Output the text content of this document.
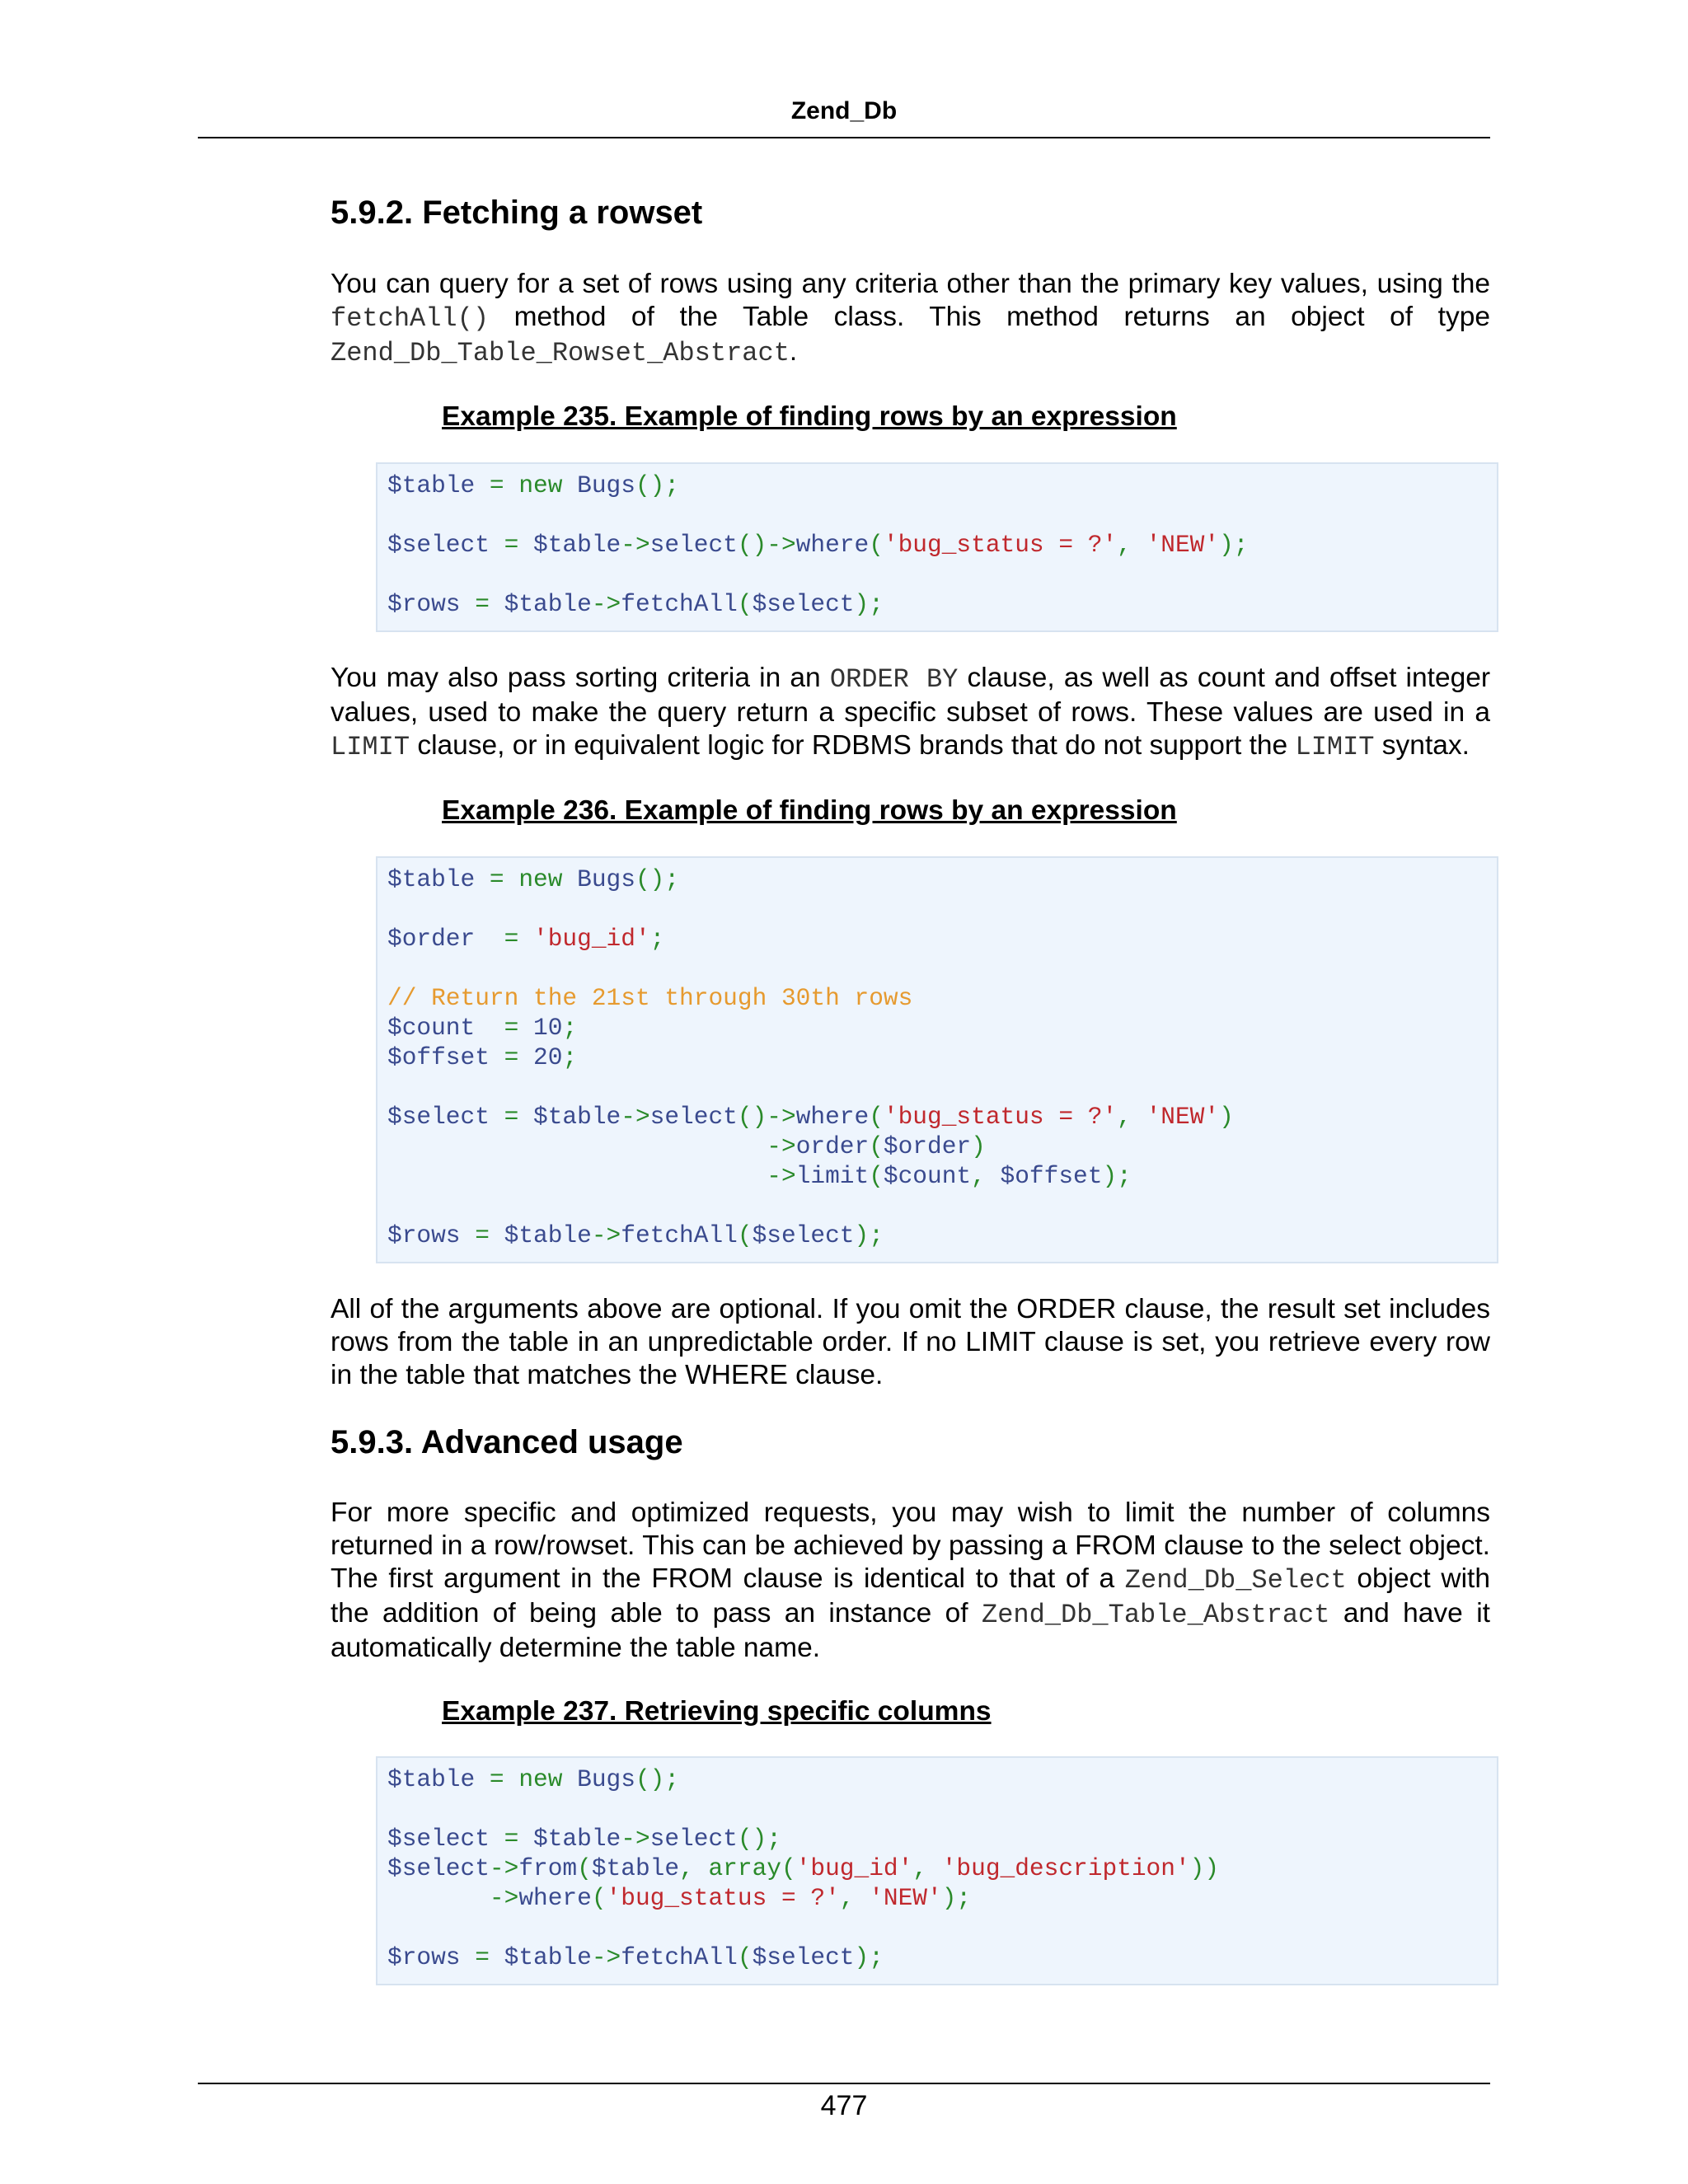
Zend_Db
5.9.2. Fetching a rowset

You can query for a set of rows using any criteria other than the primary key values, using the fetchAll() method of the Table class. This method returns an object of type Zend_Db_Table_Rowset_Abstract.

Example 235. Example of finding rows by an expression

$table = new Bugs();
$select = $table->select()->where('bug_status = ?', 'NEW');
$rows = $table->fetchAll($select);

You may also pass sorting criteria in an ORDER BY clause, as well as count and offset integer values, used to make the query return a specific subset of rows. These values are used in a LIMIT clause, or in equivalent logic for RDBMS brands that do not support the LIMIT syntax.

Example 236. Example of finding rows by an expression

$table = new Bugs();
$order  = 'bug_id';
// Return the 21st through 30th rows
$count  = 10;
$offset = 20;
$select = $table->select()->where('bug_status = ?', 'NEW')
->order($order)
->limit($count, $offset);
$rows = $table->fetchAll($select);

All of the arguments above are optional. If you omit the ORDER clause, the result set includes rows from the table in an unpredictable order. If no LIMIT clause is set, you retrieve every row in the table that matches the WHERE clause.

5.9.3. Advanced usage

For more specific and optimized requests, you may wish to limit the number of columns returned in a row/rowset. This can be achieved by passing a FROM clause to the select object. The first argument in the FROM clause is identical to that of a Zend_Db_Select object with the addition of being able to pass an instance of Zend_Db_Table_Abstract and have it automatically determine the table name.

Example 237. Retrieving specific columns

$table = new Bugs();
$select = $table->select();
$select->from($table, array('bug_id', 'bug_description'))
->where('bug_status = ?', 'NEW');
$rows = $table->fetchAll($select);
477
